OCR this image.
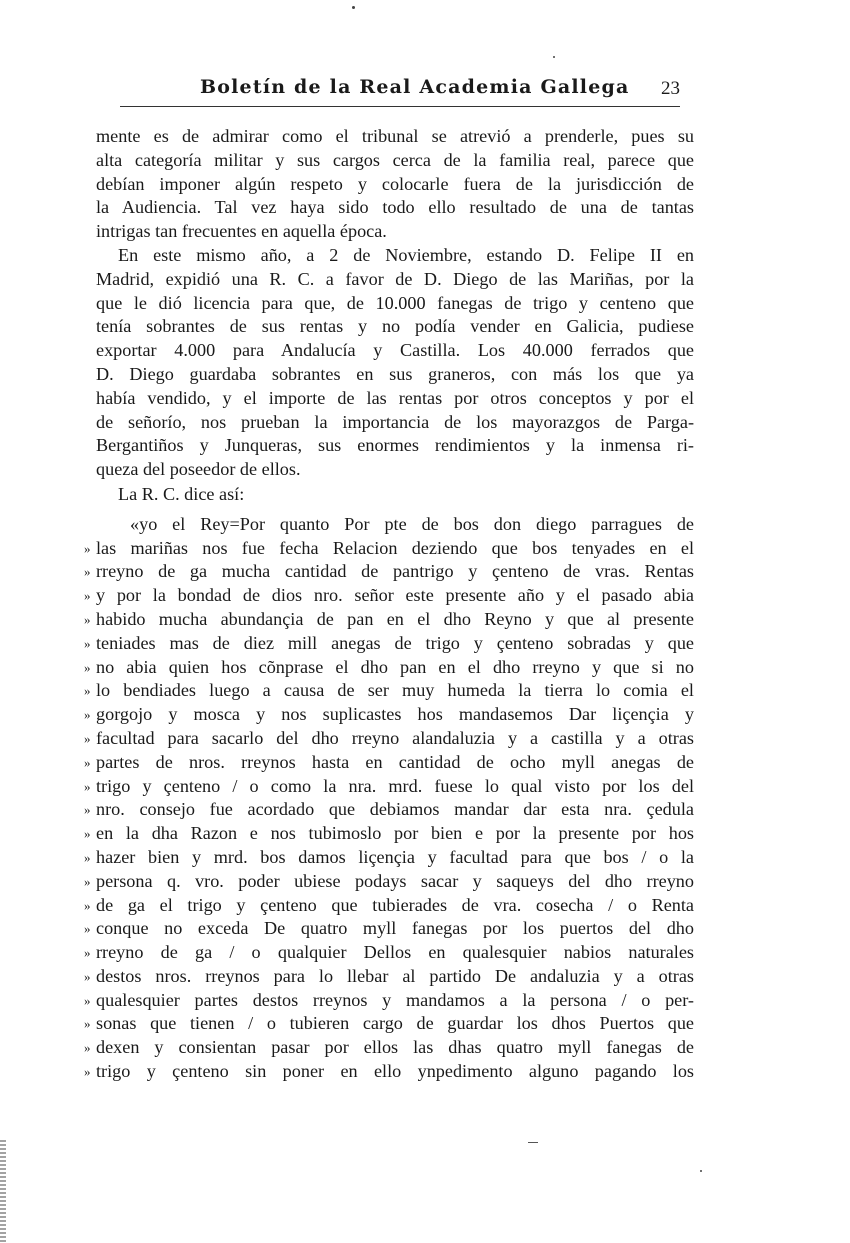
Boletín de la Real Academia Gallega 23
mente es de admirar como el tribunal se atrevió a prenderle, pues su
alta categoría militar y sus cargos cerca de la familia real, parece que
debían imponer algún respeto y colocarle fuera de la jurisdicción de
la Audiencia. Tal vez haya sido todo ello resultado de una de tantas
intrigas tan frecuentes en aquella época.
En este mismo año, a 2 de Noviembre, estando D. Felipe II en
Madrid, expidió una R. C. a favor de D. Diego de las Mariñas, por la
que le dió licencia para que, de 10.000 fanegas de trigo y centeno que
tenía sobrantes de sus rentas y no podía vender en Galicia, pudiese
exportar 4.000 para Andalucía y Castilla. Los 40.000 ferrados que
D. Diego guardaba sobrantes en sus graneros, con más los que ya
había vendido, y el importe de las rentas por otros conceptos y por el
de señorío, nos prueban la importancia de los mayorazgos de Parga-
Bergantiños y Junqueras, sus enormes rendimientos y la inmensa ri-
queza del poseedor de ellos.
La R. C. dice así:
«yo el Rey=Por quanto Por pte de bos don diego parragues de
» las mariñas nos fue fecha Relacion deziendo que bos tenyades en el
» rreyno de ga mucha cantidad de pantrigo y çenteno de vras. Rentas
» y por la bondad de dios nro. señor este presente año y el pasado abia
» habido mucha abundançia de pan en el dho Reyno y que al presente
» teniades mas de diez mill anegas de trigo y çenteno sobradas y que
» no abia quien hos cõnprase el dho pan en el dho rreyno y que si no
» lo bendiades luego a causa de ser muy humeda la tierra lo comia el
» gorgojo y mosca y nos suplicastes hos mandasemos Dar liçençia y
» facultad para sacarlo del dho rreyno alandaluzia y a castilla y a otras
» partes de nros. rreynos hasta en cantidad de ocho myll anegas de
» trigo y çenteno / o como la nra. mrd. fuese lo qual visto por los del
» nro. consejo fue acordado que debiamos mandar dar esta nra. çedula
» en la dha Razon e nos tubimoslo por bien e por la presente por hos
» hazer bien y mrd. bos damos liçençia y facultad para que bos / o la
» persona q. vro. poder ubiese podays sacar y saqueys del dho rreyno
» de ga el trigo y çenteno que tubierades de vra. cosecha / o Renta
» conque no exceda De quatro myll fanegas por los puertos del dho
» rreyno de ga / o qualquier Dellos en qualesquier nabios naturales
» destos nros. rreynos para lo llebar al partido De andaluzia y a otras
» qualesquier partes destos rreynos y mandamos a la persona / o per-
» sonas que tienen / o tubieren cargo de guardar los dhos Puertos que
» dexen y consientan pasar por ellos las dhas quatro myll fanegas de
» trigo y çenteno sin poner en ello ynpedimento alguno pagando los
